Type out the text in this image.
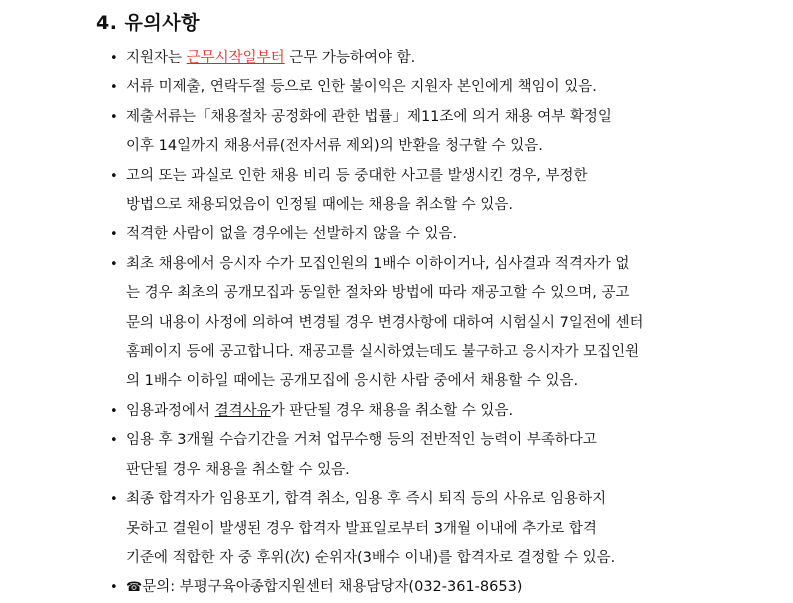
4. 유의사항
• 지원자는 근무시작일부터 근무 가능하여야 함.
• 서류 미제출, 연락두절 등으로 인한 불이익은 지원자 본인에게 책임이 있음.
• 제출서류는「채용절차 공정화에 관한 법률」제11조에 의거 채용 여부 확정일
이후 14일까지 채용서류(전자서류 제외)의 반환을 청구할 수 있음.
• 고의 또는 과실로 인한 채용 비리 등 중대한 사고를 발생시킨 경우, 부정한
방법으로 채용되었음이 인정될 때에는 채용을 취소할 수 있음.
• 적격한 사람이 없을 경우에는 선발하지 않을 수 있음.
• 최초 채용에서 응시자 수가 모집인원의 1배수 이하이거나, 심사결과 적격자가 없
는 경우 최초의 공개모집과 동일한 절차와 방법에 따라 재공고할 수 있으며, 공고
문의 내용이 사정에 의하여 변경될 경우 변경사항에 대하여 시험실시 7일전에 센터
홈페이지 등에 공고합니다. 재공고를 실시하였는데도 불구하고 응시자가 모집인원
의 1배수 이하일 때에는 공개모집에 응시한 사람 중에서 채용할 수 있음.
• 임용과정에서 결격사유가 판단될 경우 채용을 취소할 수 있음.
• 임용 후 3개월 수습기간을 거쳐 업무수행 등의 전반적인 능력이 부족하다고
판단될 경우 채용을 취소할 수 있음.
• 최종 합격자가 임용포기, 합격 취소, 임용 후 즉시 퇴직 등의 사유로 임용하지
못하고 결원이 발생된 경우 합격자 발표일로부터 3개월 이내에 추가로 합격
기준에 적합한 자 중 후위(次) 순위자(3배수 이내)를 합격자로 결정할 수 있음.
• ☎문의: 부평구육아종합지원센터 채용담당자(032-361-8653)
